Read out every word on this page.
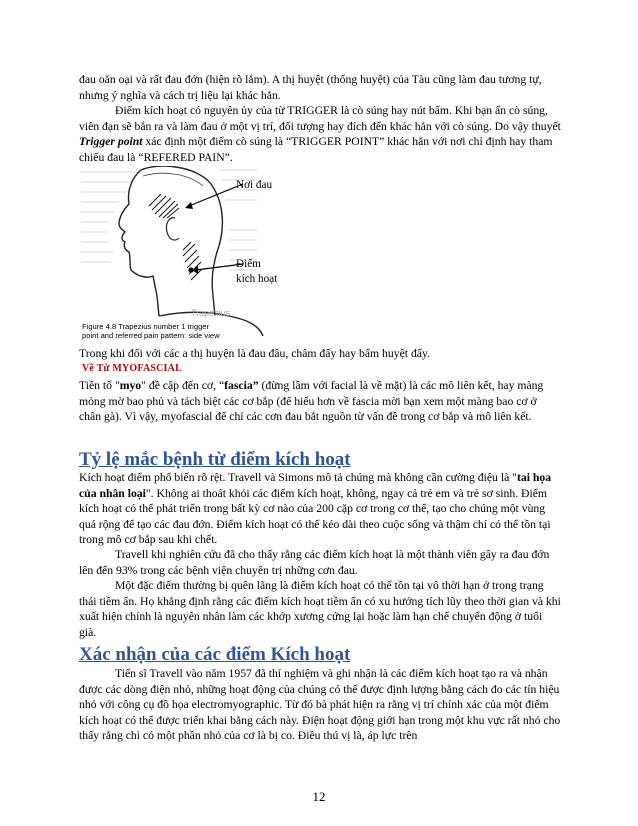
đau oằn oại và rất đau đớn (hiện rõ lắm). A thị huyệt (thống huyệt) của Tàu cũng làm đau tương tự, nhưng ý nghĩa và cách trị liệu lại khác hẳn.

Điểm kích hoạt có nguyên ủy của từ TRIGGER là cò súng hay nút bấm. Khi bạn ấn cò súng, viên đạn sẽ bắn ra và làm đau ở một vị trí, đối tượng hay đích đến khác hẳn với cò súng. Do vậy thuyết Trigger point xác định một điểm cò súng là “TRIGGER POINT” khác hẳn với nơi chỉ định hay tham chiếu đau là “REFERED PAIN”.

Trapezius
Figure 4.8 Trapezius number 1 trigger
point and referred pain pattern: side view
Nơi đau
Điểm
kích hoạt

Trong khi đối với các a thị huyện là đau đâu, châm đấy hay bấm huyệt đấy.

Về Từ MYOFASCIAL

Tiền tố "myo" đề cập đến cơ, “fascia” (đừng lầm với facial là về mặt) là các mô liên kết, hay màng mỏng mờ bao phủ và tách biệt các cơ bắp (để hiểu hơn về fascia mời bạn xem một màng bao cơ ở chân gà). Vì vậy, myofascial để chỉ các cơn đau bắt nguồn từ vấn đề trong cơ bắp và mô liên kết.

Tỷ lệ mắc bệnh từ điểm kích hoạt

Kích hoạt điểm phổ biến rõ rệt. Travell và Simons mô tả chúng mà không cần cường điệu là "tai họa của nhân loại". Không ai thoát khỏi các điểm kích hoạt, không, ngay cả trẻ em và trẻ sơ sinh. Điểm kích hoạt có thể phát triển trong bất kỳ cơ nào của 200 cặp cơ trong cơ thể, tạo cho chúng một vùng quá rộng để tạo các đau đớn. Điểm kích hoạt có thể kéo dài theo cuộc sống và thậm chí có thể tồn tại trong mô cơ bắp sau khi chết.

Travell khi nghiên cứu đã cho thấy rằng các điểm kích hoạt là một thành viên gây ra đau đớn lên đến 93% trong các bệnh viện chuyên trị những cơn đau.

Một đặc điểm thường bị quên lãng là điểm kích hoạt có thể tồn tại vô thời hạn ở trong trạng thái tiềm ẩn. Họ khẳng định rằng các điểm kích hoạt tiềm ẩn có xu hướng tích lũy theo thời gian và khi xuất hiện chính là nguyên nhân làm các khớp xương cứng lại hoặc làm hạn chế chuyển động ở tuổi già.

Xác nhận của các điểm Kích hoạt

Tiến sĩ Travell vào năm 1957 đã thí nghiệm và ghi nhận là các điểm kích hoạt tạo ra và nhận được các dòng điện nhỏ, những hoạt động của chúng có thể được định lượng bằng cách đo các tín hiệu nhỏ với công cụ đồ họa electromyographic. Từ đó bà phát hiện ra rằng vị trí chính xác của một điểm kích hoạt có thể được triển khai bằng cách này. Điện hoạt động giới hạn trong một khu vực rất nhỏ cho thấy rằng chỉ có một phần nhỏ của cơ là bị co. Điều thú vị là, áp lực trên

12
